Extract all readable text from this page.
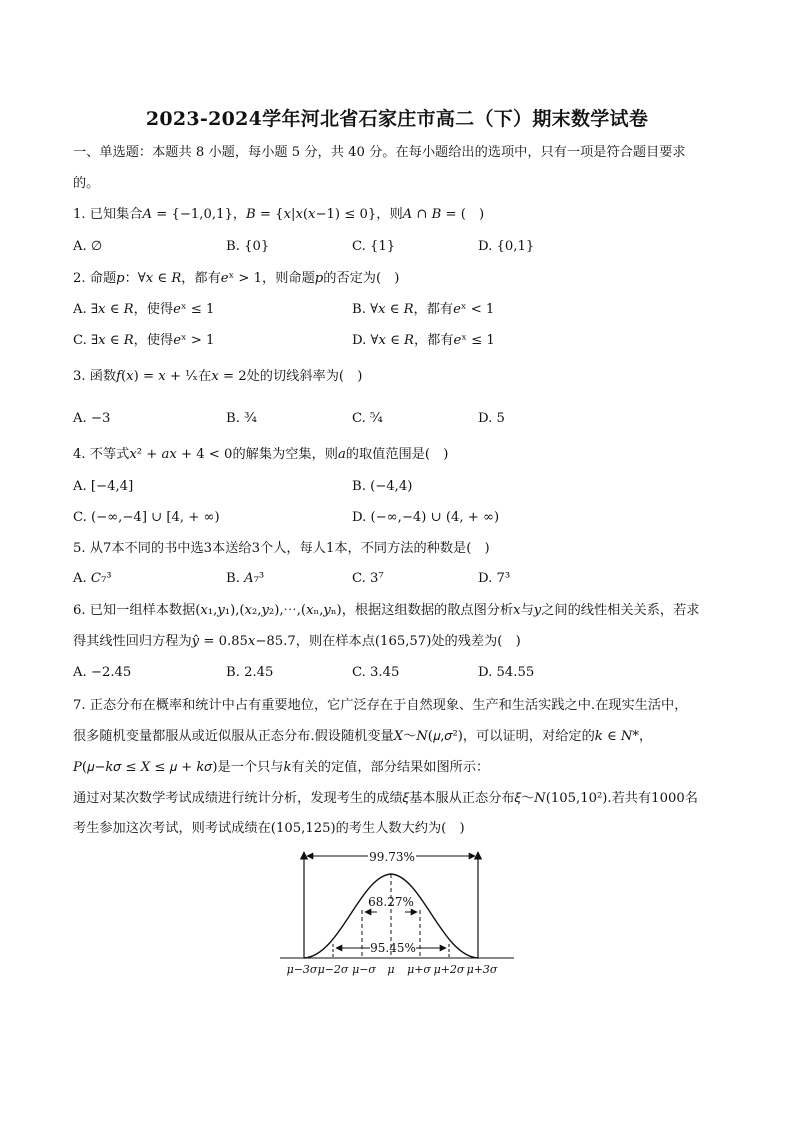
2023-2024学年河北省石家庄市高二（下）期末数学试卷
一、单选题：本题共 8 小题，每小题 5 分，共 40 分。在每小题给出的选项中，只有一项是符合题目要求
的。
1. 已知集合𝐴 = {−1,0,1}，𝐵 = {𝑥|𝑥(𝑥−1) ≤ 0}，则𝐴 ∩ 𝐵 = (　)
A. ∅	B. {0}	C. {1}	D. {0,1}
2. 命题𝑝：∀𝑥 ∈ 𝑅，都有𝑒ˣ > 1，则命题𝑝的否定为(　)
A. ∃𝑥 ∈ 𝑅，使得𝑒ˣ ≤ 1	B. ∀𝑥 ∈ 𝑅，都有𝑒ˣ < 1
C. ∃𝑥 ∈ 𝑅，使得𝑒ˣ > 1	D. ∀𝑥 ∈ 𝑅，都有𝑒ˣ ≤ 1
3. 函数𝑓(𝑥) = 𝑥 + ¹⁄ₓ在𝑥 = 2处的切线斜率为(　)
A. −3	B. ³⁄₄	C. ⁵⁄₄	D. 5
4. 不等式𝑥² + 𝑎𝑥 + 4 < 0的解集为空集，则𝑎的取值范围是(　)
A. [−4,4]	B. (−4,4)
C. (−∞,−4] ∪ [4, + ∞)	D. (−∞,−4) ∪ (4, + ∞)
5. 从7本不同的书中选3本送给3个人，每人1本，不同方法的种数是(　)
A. 𝐶₇³	B. 𝐴₇³	C. 3⁷	D. 7³
6. 已知一组样本数据(𝑥₁,𝑦₁),(𝑥₂,𝑦₂),⋯,(𝑥ₙ,𝑦ₙ)，根据这组数据的散点图分析𝑥与𝑦之间的线性相关关系，若求
得其线性回归方程为𝑦̂ = 0.85𝑥−85.7，则在样本点(165,57)处的残差为(　)
A. −2.45	B. 2.45	C. 3.45	D. 54.55
7. 正态分布在概率和统计中占有重要地位，它广泛存在于自然现象、生产和生活实践之中.在现实生活中，
很多随机变量都服从或近似服从正态分布.假设随机变量𝑋～𝑁(𝜇,𝜎²)，可以证明，对给定的𝑘 ∈ 𝑁*，
𝑃(𝜇−𝑘𝜎 ≤ 𝑋 ≤ 𝜇 + 𝑘𝜎)是一个只与𝑘有关的定值，部分结果如图所示：
通过对某次数学考试成绩进行统计分析，发现考生的成绩𝜉基本服从正态分布𝜉～𝑁(105,10²).若共有1000名
考生参加这次考试，则考试成绩在(105,125)的考生人数大约为(　)
99.73%
68.27%
95.45%
μ−3σ μ−2σ μ−σ μ μ+σ μ+2σ μ+3σ
